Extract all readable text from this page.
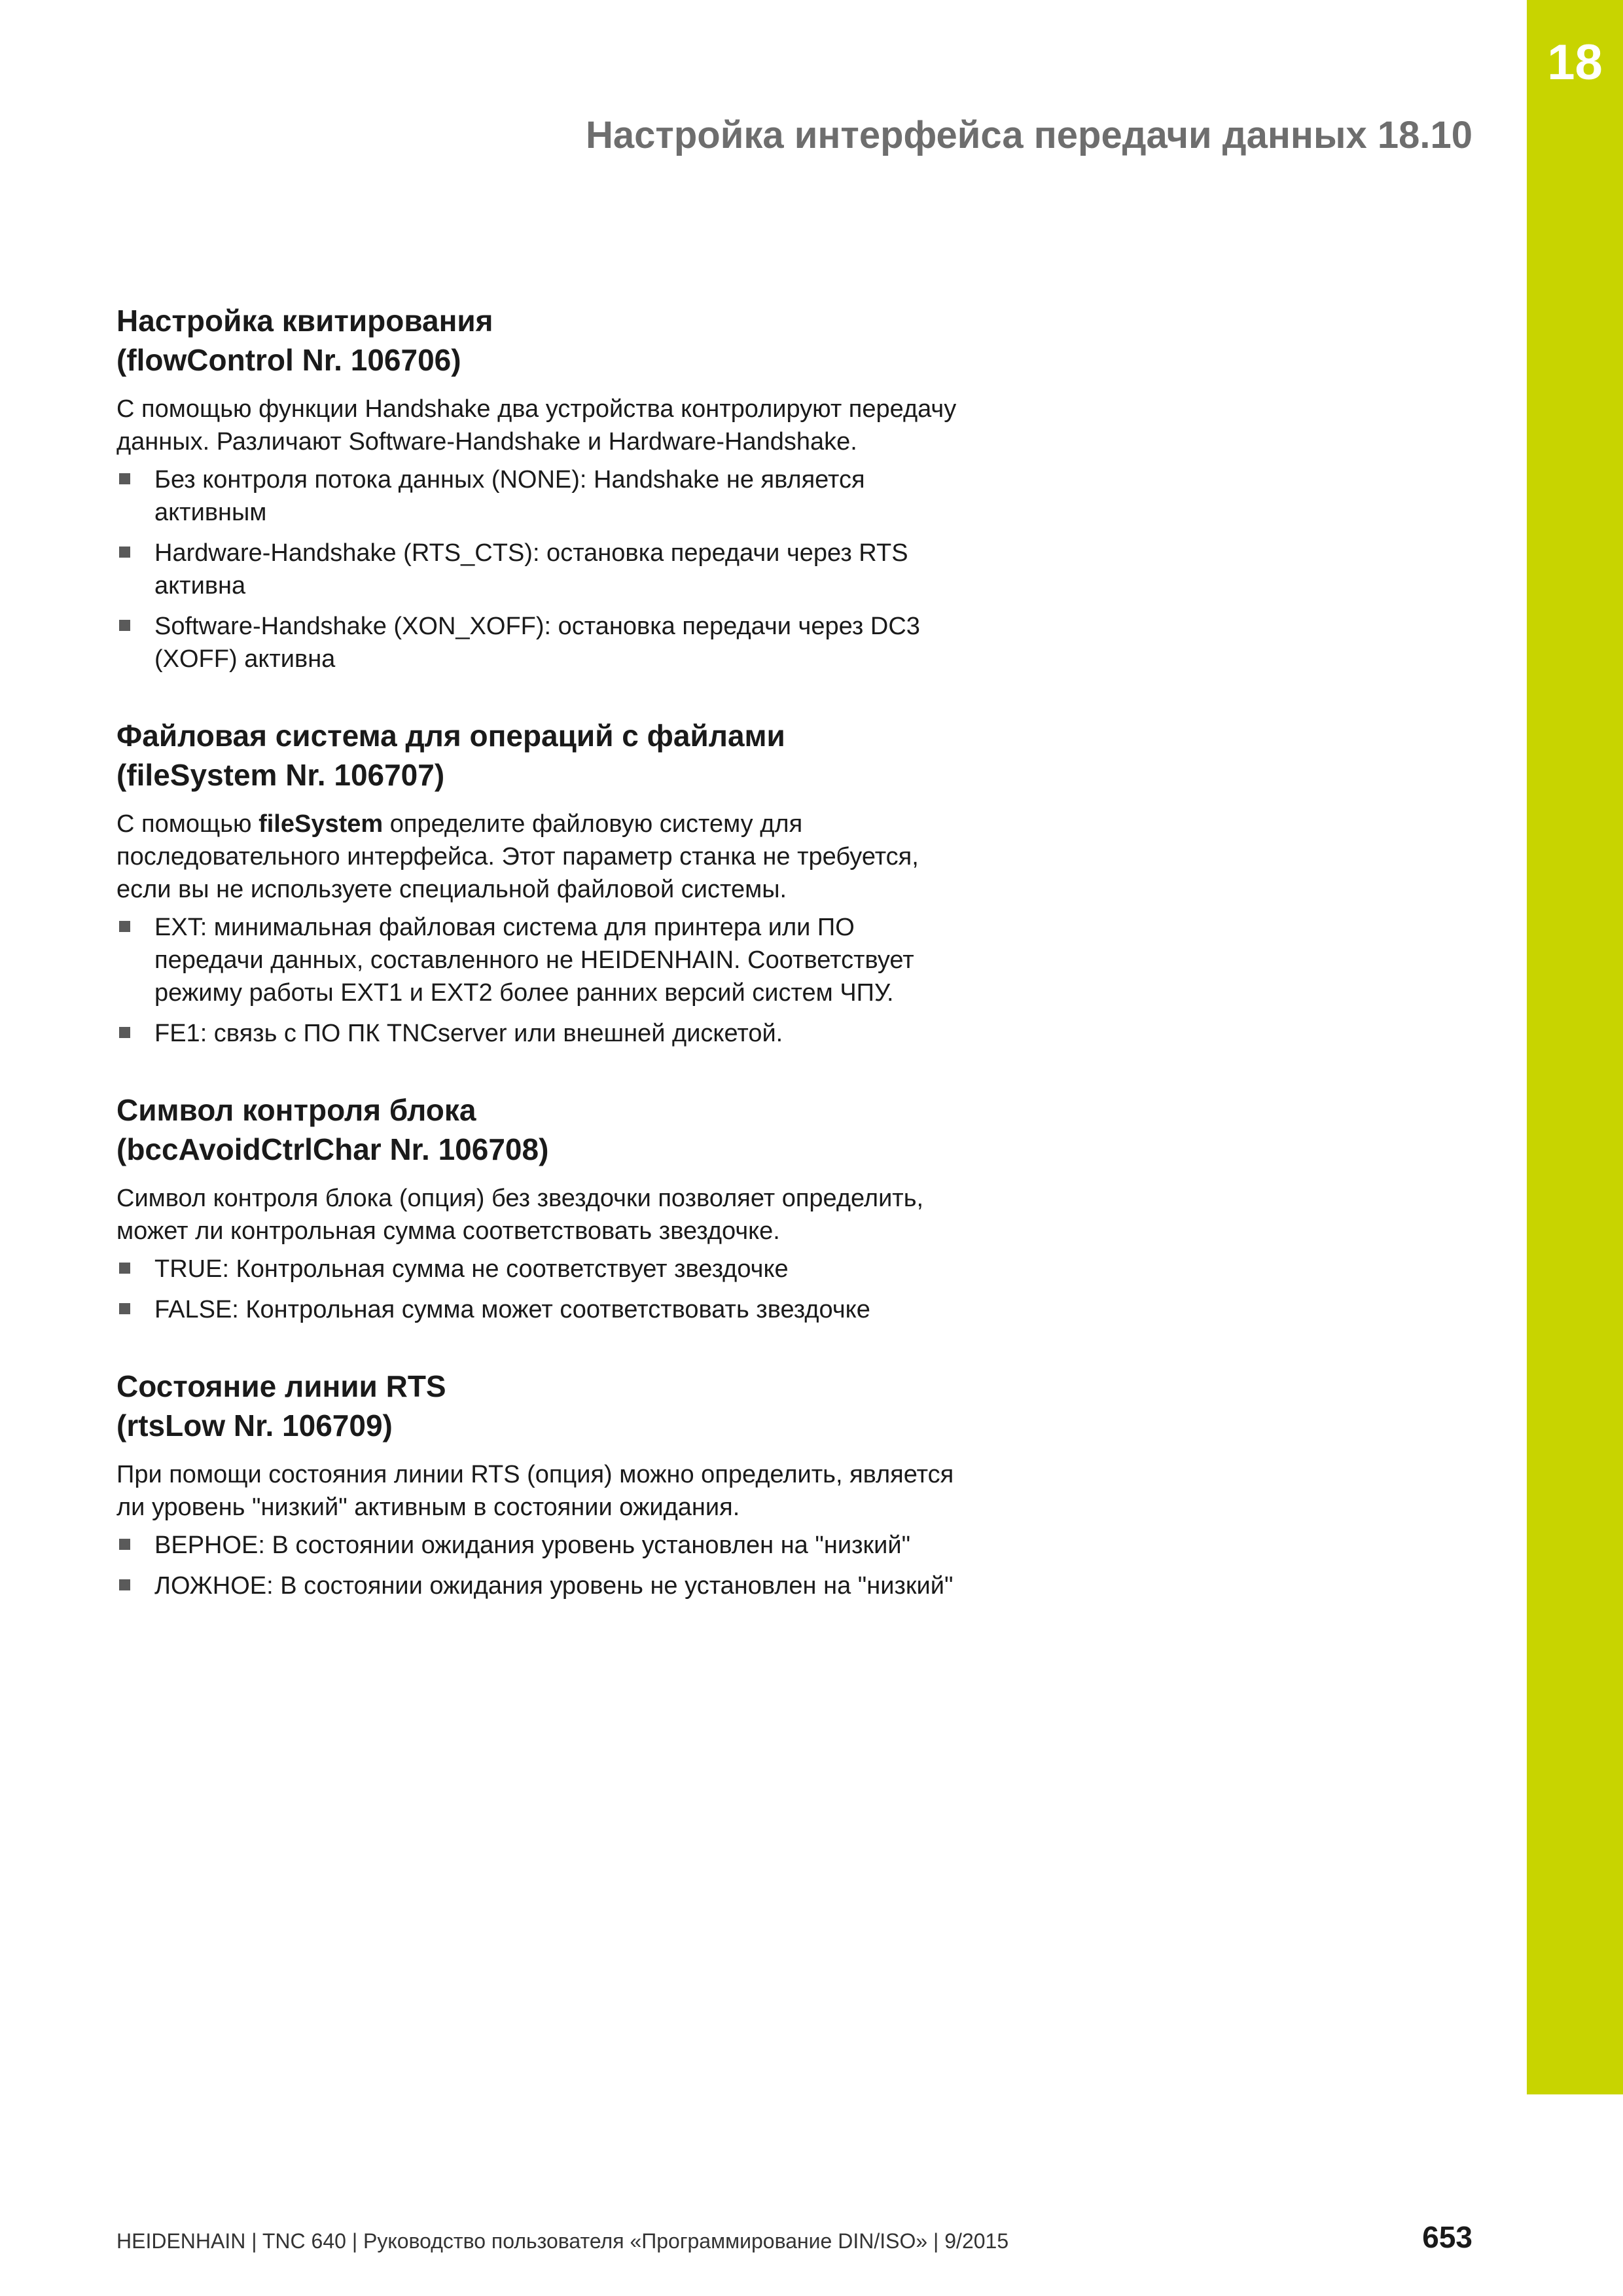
18
Настройка интерфейса передачи данных 18.10
Настройка квитирования
(flowControl Nr. 106706)

С помощью функции Handshake два устройства контролируют передачу данных. Различают Software-Handshake и Hardware-Handshake.

Без контроля потока данных (NONE): Handshake не является активным
Hardware-Handshake (RTS_CTS): остановка передачи через RTS активна
Software-Handshake (XON_XOFF): остановка передачи через DC3 (XOFF) активна
Файловая система для операций с файлами
(fileSystem Nr. 106707)

С помощью fileSystem определите файловую систему для последовательного интерфейса. Этот параметр станка не требуется, если вы не используете специальной файловой системы.

EXT: минимальная файловая система для принтера или ПО передачи данных, составленного не HEIDENHAIN. Соответствует режиму работы EXT1 и EXT2 более ранних версий систем ЧПУ.
FE1: связь с ПО ПК TNCserver или внешней дискетой.
Символ контроля блока
(bccAvoidCtrlChar Nr. 106708)

Символ контроля блока (опция) без звездочки позволяет определить, может ли контрольная сумма соответствовать звездочке.

TRUE: Контрольная сумма не соответствует звездочке
FALSE: Контрольная сумма может соответствовать звездочке
Состояние линии RTS
(rtsLow Nr. 106709)

При помощи состояния линии RTS (опция) можно определить, является ли уровень "низкий" активным в состоянии ожидания.

ВЕРНОЕ: В состоянии ожидания уровень установлен на "низкий"
ЛОЖНОЕ: В состоянии ожидания уровень не установлен на "низкий"
HEIDENHAIN | TNC 640 | Руководство пользователя «Программирование DIN/ISO» | 9/2015	653
